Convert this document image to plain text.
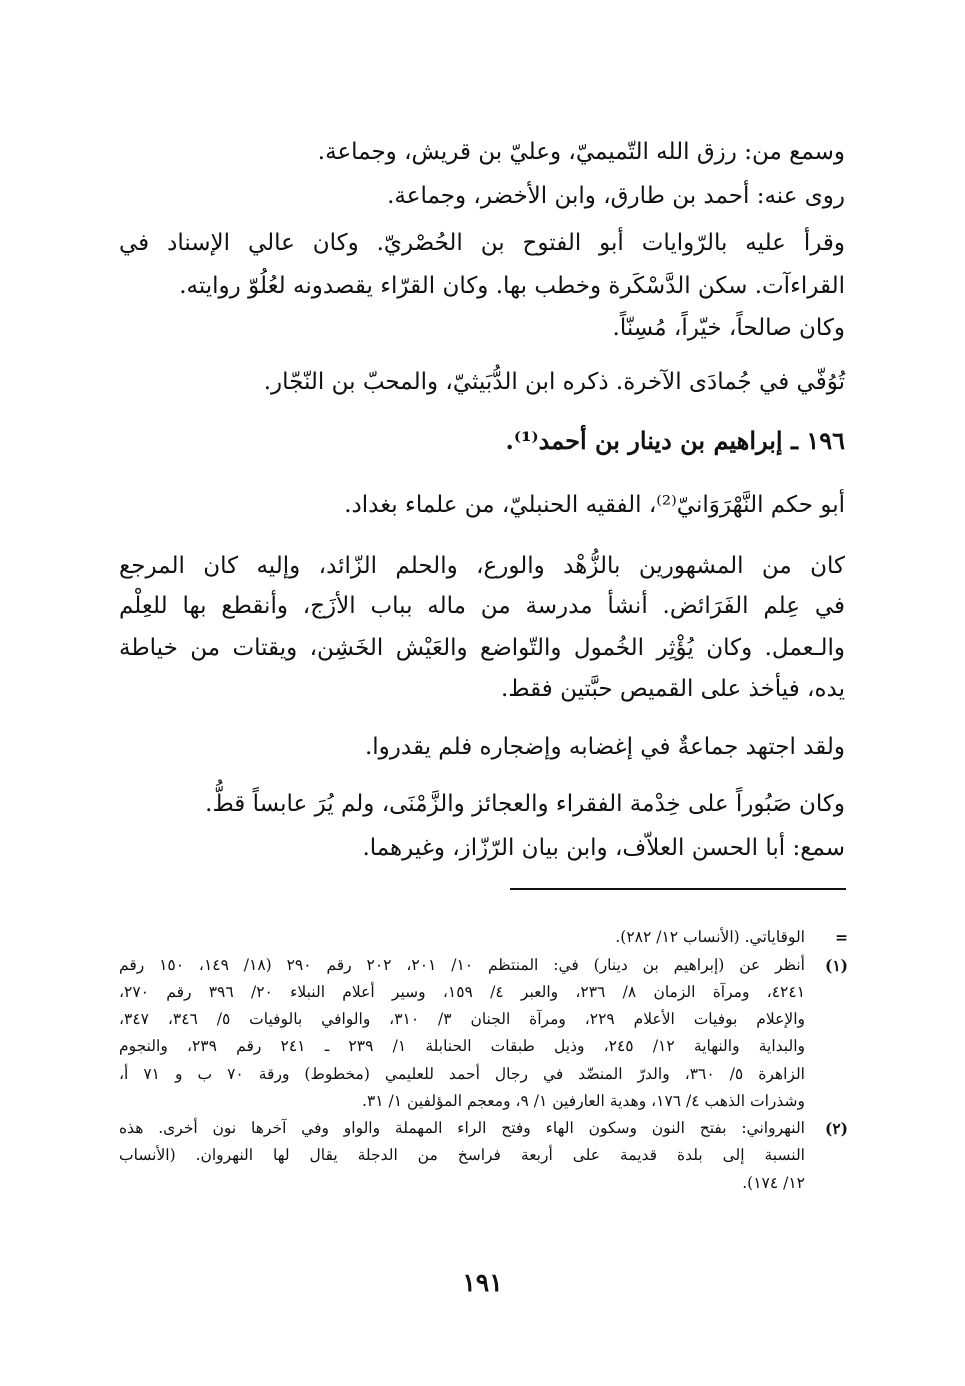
وسمع من: رزق الله التّميميّ، وعليّ بن قريش، وجماعة.

روى عنه: أحمد بن طارق، وابن الأخضر، وجماعة.

وقرأ عليه بالرّوايات أبو الفتوح بن الحُصْريّ. وكان عالي الإسناد في

القراءآت. سكن الدَّسْكَرة وخطب بها. وكان القرّاء يقصدونه لعُلُوّ روايته.

وكان صالحاً، خيّراً، مُسِنّاً.

تُوُفّي في جُمادَى الآخرة. ذكره ابن الدُّبَيثيّ، والمحبّ بن النّجّار.

١٩٦ ـ إبراهيم بن دينار بن أحمد⁽¹⁾.

أبو حكم النَّهْرَوَانيّ⁽²⁾، الفقيه الحنبليّ، من علماء بغداد.

كان من المشهورين بالزُّهْد والورع، والحلم الزّائد، وإليه كان المرجع

في عِلم الفَرَائض. أنشأ مدرسة من ماله بباب الأزَج، وأنقطع بها للعِلْم

والـعمل. وكان يُؤْثِر الخُمول والتّواضع والعَيْش الخَشِن، ويقتات من خياطة

يده، فيأخذ على القميص حبَّتين فقط.

ولقد اجتهد جماعةٌ في إغضابه وإضجاره فلم يقدروا.

وكان صَبُوراً على خِدْمة الفقراء والعجائز والزَّمْنَى، ولم يُرَ عابساً قطُّ.

سمع: أبا الحسن العلاّف، وابن بيان الرّزّاز، وغيرهما.

=
الوقاياتي. (الأنساب ١٢/ ٢٨٢).
(١)
أنظر عن (إبراهيم بن دينار) في: المنتظم ١٠/ ٢٠١، ٢٠٢ رقم ٢٩٠ (١٨/ ١٤٩، ١٥٠ رقم
٤٢٤١، ومرآة الزمان ٨/ ٢٣٦، والعبر ٤/ ١٥٩، وسير أعلام النبلاء ٢٠/ ٣٩٦ رقم ٢٧٠،
والإعلام بوفيات الأعلام ٢٢٩، ومرآة الجنان ٣/ ٣١٠، والوافي بالوفيات ٥/ ٣٤٦، ٣٤٧،
والبداية والنهاية ١٢/ ٢٤٥، وذيل طبقات الحنابلة ١/ ٢٣٩ ـ ٢٤١ رقم ٢٣٩، والنجوم
الزاهرة ٥/ ٣٦٠، والدرّ المنضّد في رجال أحمد للعليمي (مخطوط) ورقة ٧٠ ب و ٧١ أ،
وشذرات الذهب ٤/ ١٧٦، وهدية العارفين ١/ ٩، ومعجم المؤلفين ١/ ٣١.
(٢)
النهرواني: بفتح النون وسكون الهاء وفتح الراء المهملة والواو وفي آخرها نون أخرى. هذه
النسبة إلى بلدة قديمة على أربعة فراسخ من الدجلة يقال لها النهروان. (الأنساب
١٢/ ١٧٤).
١٩١
